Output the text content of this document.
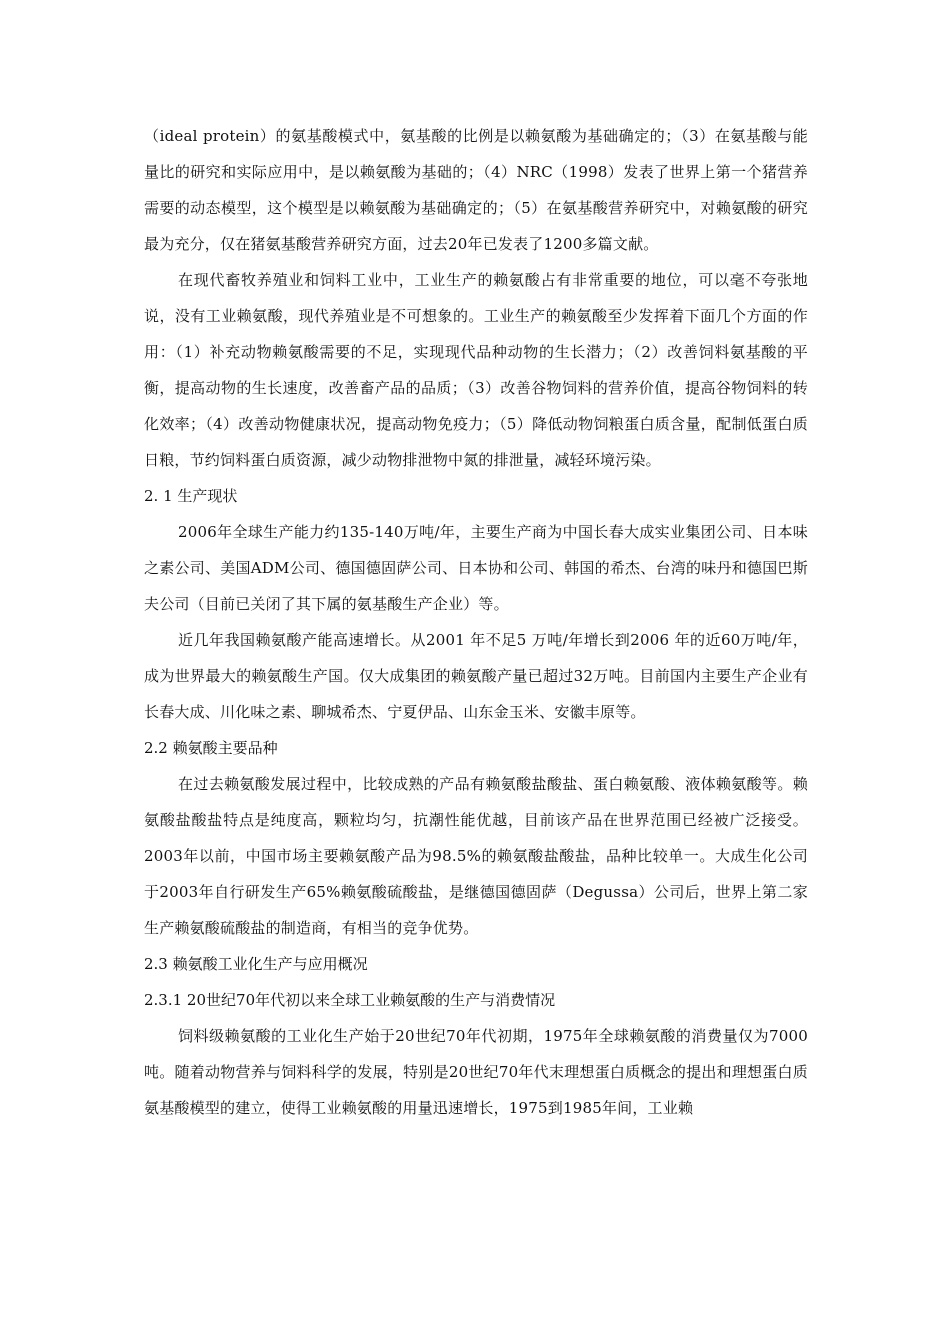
（ideal protein）的氨基酸模式中，氨基酸的比例是以赖氨酸为基础确定的；（3）在氨基酸与能量比的研究和实际应用中，是以赖氨酸为基础的；（4）NRC（1998）发表了世界上第一个猪营养需要的动态模型，这个模型是以赖氨酸为基础确定的；（5）在氨基酸营养研究中，对赖氨酸的研究最为充分，仅在猪氨基酸营养研究方面，过去20年已发表了1200多篇文献。

在现代畜牧养殖业和饲料工业中，工业生产的赖氨酸占有非常重要的地位，可以毫不夸张地说，没有工业赖氨酸，现代养殖业是不可想象的。工业生产的赖氨酸至少发挥着下面几个方面的作用：（1）补充动物赖氨酸需要的不足，实现现代品种动物的生长潜力；（2）改善饲料氨基酸的平衡，提高动物的生长速度，改善畜产品的品质；（3）改善谷物饲料的营养价值，提高谷物饲料的转化效率；（4）改善动物健康状况，提高动物免疫力；（5）降低动物饲粮蛋白质含量，配制低蛋白质日粮，节约饲料蛋白质资源，减少动物排泄物中氮的排泄量，减轻环境污染。

2. 1 生产现状

2006年全球生产能力约135-140万吨/年，主要生产商为中国长春大成实业集团公司、日本味之素公司、美国ADM公司、德国德固萨公司、日本协和公司、韩国的希杰、台湾的味丹和德国巴斯夫公司（目前已关闭了其下属的氨基酸生产企业）等。

近几年我国赖氨酸产能高速增长。从2001 年不足5 万吨/年增长到2006 年的近60万吨/年，成为世界最大的赖氨酸生产国。仅大成集团的赖氨酸产量已超过32万吨。目前国内主要生产企业有长春大成、川化味之素、聊城希杰、宁夏伊品、山东金玉米、安徽丰原等。

2.2 赖氨酸主要品种

在过去赖氨酸发展过程中，比较成熟的产品有赖氨酸盐酸盐、蛋白赖氨酸、液体赖氨酸等。赖氨酸盐酸盐特点是纯度高，颗粒均匀，抗潮性能优越，目前该产品在世界范围已经被广泛接受。2003年以前，中国市场主要赖氨酸产品为98.5%的赖氨酸盐酸盐，品种比较单一。大成生化公司于2003年自行研发生产65%赖氨酸硫酸盐，是继德国德固萨（Degussa）公司后，世界上第二家生产赖氨酸硫酸盐的制造商，有相当的竞争优势。

2.3 赖氨酸工业化生产与应用概况

2.3.1 20世纪70年代初以来全球工业赖氨酸的生产与消费情况

饲料级赖氨酸的工业化生产始于20世纪70年代初期，1975年全球赖氨酸的消费量仅为7000吨。随着动物营养与饲料科学的发展，特别是20世纪70年代末理想蛋白质概念的提出和理想蛋白质氨基酸模型的建立，使得工业赖氨酸的用量迅速增长，1975到1985年间，工业赖
